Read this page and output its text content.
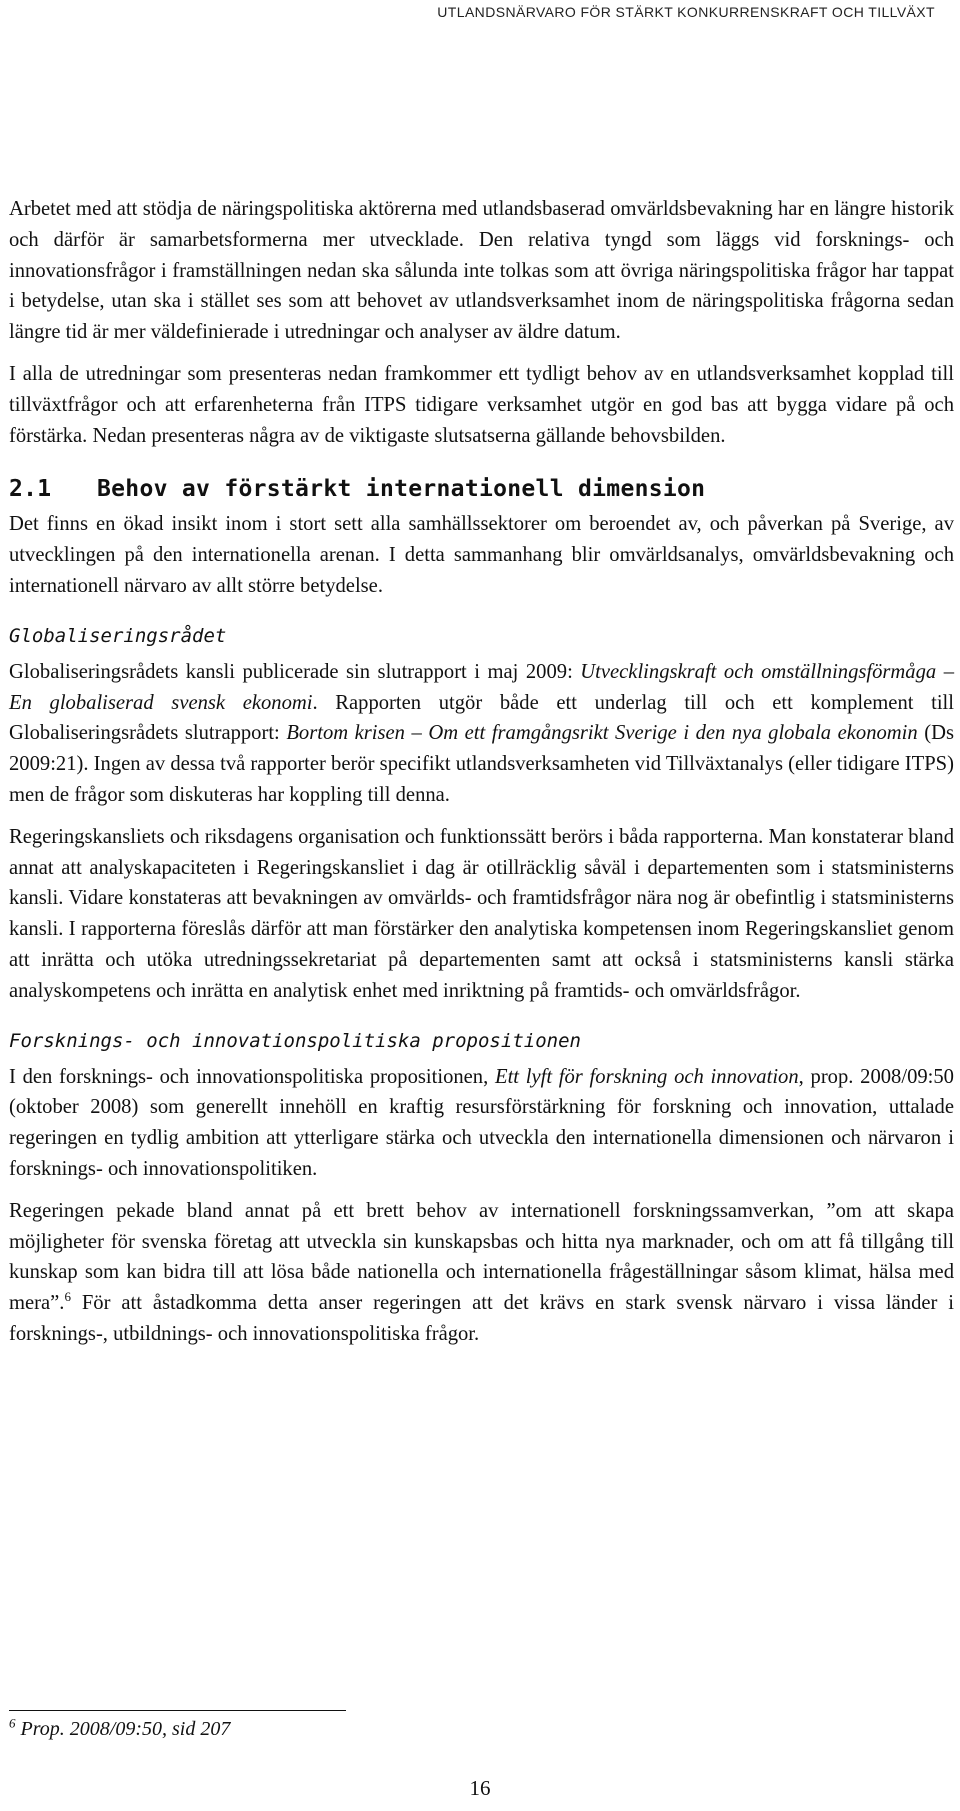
UTLANDSNÄRVARO FÖR STÄRKT KONKURRENSKRAFT OCH TILLVÄXT

Arbetet med att stödja de näringspolitiska aktörerna med utlandsbaserad omvärldsbevakning har en längre historik och därför är samarbetsformerna mer utvecklade. Den relativa tyngd som läggs vid forsknings- och innovationsfrågor i framställningen nedan ska sålunda inte tolkas som att övriga näringspolitiska frågor har tappat i betydelse, utan ska i stället ses som att behovet av utlandsverksamhet inom de näringspolitiska frågorna sedan längre tid är mer väldefinierade i utredningar och analyser av äldre datum.

I alla de utredningar som presenteras nedan framkommer ett tydligt behov av en utlandsverksamhet kopplad till tillväxtfrågor och att erfarenheterna från ITPS tidigare verksamhet utgör en god bas att bygga vidare på och förstärka. Nedan presenteras några av de viktigaste slutsatserna gällande behovsbilden.

2.1 Behov av förstärkt internationell dimension

Det finns en ökad insikt inom i stort sett alla samhällssektorer om beroendet av, och påverkan på Sverige, av utvecklingen på den internationella arenan. I detta sammanhang blir omvärldsanalys, omvärldsbevakning och internationell närvaro av allt större betydelse.

Globaliseringsrådet

Globaliseringsrådets kansli publicerade sin slutrapport i maj 2009: Utvecklingskraft och omställningsförmåga – En globaliserad svensk ekonomi. Rapporten utgör både ett underlag till och ett komplement till Globaliseringsrådets slutrapport: Bortom krisen – Om ett framgångsrikt Sverige i den nya globala ekonomin (Ds 2009:21). Ingen av dessa två rapporter berör specifikt utlandsverksamheten vid Tillväxtanalys (eller tidigare ITPS) men de frågor som diskuteras har koppling till denna.

Regeringskansliets och riksdagens organisation och funktionssätt berörs i båda rapporterna. Man konstaterar bland annat att analyskapaciteten i Regeringskansliet i dag är otillräcklig såväl i departementen som i statsministerns kansli. Vidare konstateras att bevakningen av omvärlds- och framtidsfrågor nära nog är obefintlig i statsministerns kansli. I rapporterna föreslås därför att man förstärker den analytiska kompetensen inom Regeringskansliet genom att inrätta och utöka utredningssekretariat på departementen samt att också i statsministerns kansli stärka analyskompetens och inrätta en analytisk enhet med inriktning på framtids- och omvärldsfrågor.

Forsknings- och innovationspolitiska propositionen

I den forsknings- och innovationspolitiska propositionen, Ett lyft för forskning och innovation, prop. 2008/09:50 (oktober 2008) som generellt innehöll en kraftig resursförstärkning för forskning och innovation, uttalade regeringen en tydlig ambition att ytterligare stärka och utveckla den internationella dimensionen och närvaron i forsknings- och innovationspolitiken.

Regeringen pekade bland annat på ett brett behov av internationell forskningssamverkan, ”om att skapa möjligheter för svenska företag att utveckla sin kunskapsbas och hitta nya marknader, och om att få tillgång till kunskap som kan bidra till att lösa både nationella och internationella frågeställningar såsom klimat, hälsa med mera”.$^6$ För att åstadkomma detta anser regeringen att det krävs en stark svensk närvaro i vissa länder i forsknings-, utbildnings- och innovationspolitiska frågor.

$^6$ Prop. 2008/09:50, sid 207
16
